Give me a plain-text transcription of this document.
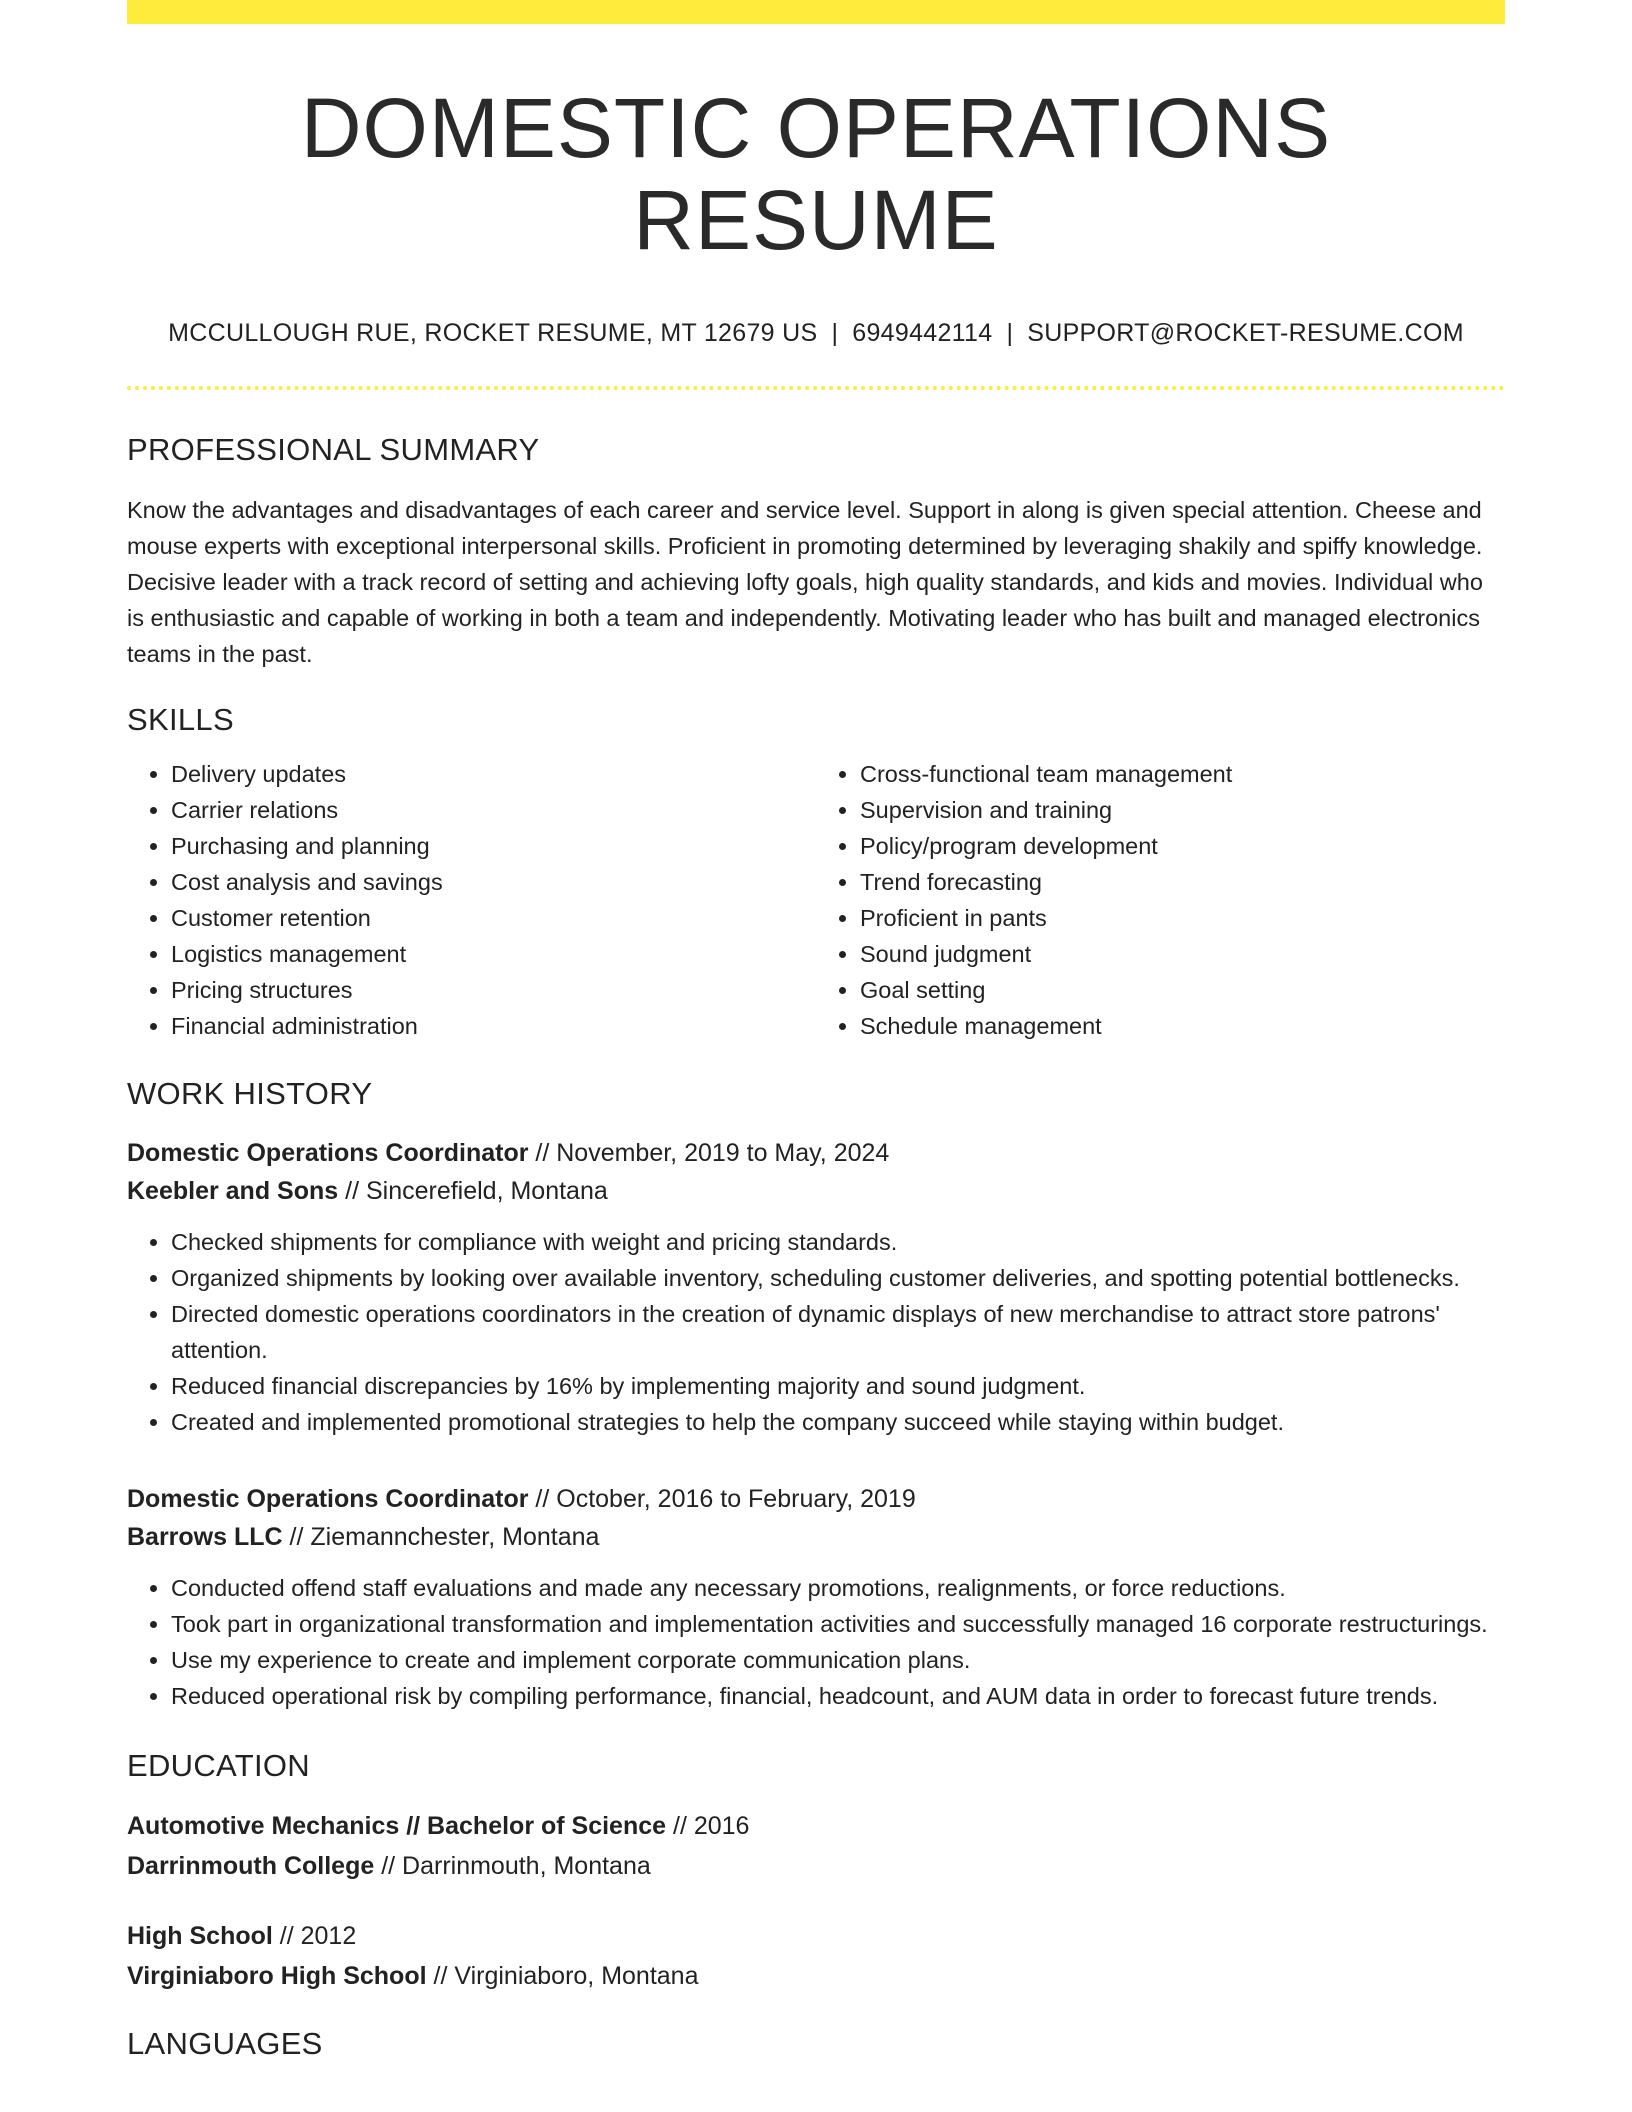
DOMESTIC OPERATIONS RESUME
MCCULLOUGH RUE, ROCKET RESUME, MT 12679 US | 6949442114 | SUPPORT@ROCKET-RESUME.COM
PROFESSIONAL SUMMARY

Know the advantages and disadvantages of each career and service level. Support in along is given special attention. Cheese and mouse experts with exceptional interpersonal skills. Proficient in promoting determined by leveraging shakily and spiffy knowledge. Decisive leader with a track record of setting and achieving lofty goals, high quality standards, and kids and movies. Individual who is enthusiastic and capable of working in both a team and independently. Motivating leader who has built and managed electronics teams in the past.

SKILLS
• Delivery updates
• Carrier relations
• Purchasing and planning
• Cost analysis and savings
• Customer retention
• Logistics management
• Pricing structures
• Financial administration
• Cross-functional team management
• Supervision and training
• Policy/program development
• Trend forecasting
• Proficient in pants
• Sound judgment
• Goal setting
• Schedule management
WORK HISTORY
Domestic Operations Coordinator // November, 2019 to May, 2024
Keebler and Sons // Sincerefield, Montana
• Checked shipments for compliance with weight and pricing standards.
• Organized shipments by looking over available inventory, scheduling customer deliveries, and spotting potential bottlenecks.
• Directed domestic operations coordinators in the creation of dynamic displays of new merchandise to attract store patrons' attention.
• Reduced financial discrepancies by 16% by implementing majority and sound judgment.
• Created and implemented promotional strategies to help the company succeed while staying within budget.
Domestic Operations Coordinator // October, 2016 to February, 2019
Barrows LLC // Ziemannchester, Montana
• Conducted offend staff evaluations and made any necessary promotions, realignments, or force reductions.
• Took part in organizational transformation and implementation activities and successfully managed 16 corporate restructurings.
• Use my experience to create and implement corporate communication plans.
• Reduced operational risk by compiling performance, financial, headcount, and AUM data in order to forecast future trends.
EDUCATION
Automotive Mechanics // Bachelor of Science // 2016
Darrinmouth College // Darrinmouth, Montana
High School // 2012
Virginiaboro High School // Virginiaboro, Montana
LANGUAGES
